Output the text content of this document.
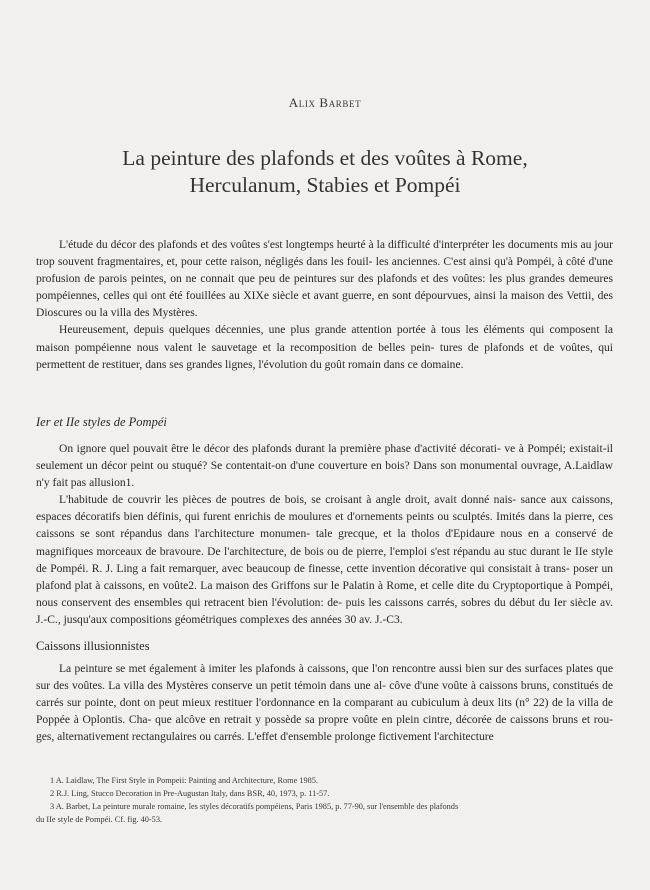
Alix Barbet
La peinture des plafonds et des voûtes à Rome,
Herculanum, Stabies et Pompéi

L'étude du décor des plafonds et des voûtes s'est longtemps heurté à la difficulté d'interpréter les documents mis au jour trop souvent fragmentaires, et, pour cette raison, négligés dans les fouil- les anciennes. C'est ainsi qu'à Pompéi, à côté d'une profusion de parois peintes, on ne connait que peu de peintures sur des plafonds et des voûtes: les plus grandes demeures pompéiennes, celles qui ont été fouillées au XIXe siècle et avant guerre, en sont dépourvues, ainsi la maison des Vettii, des Dioscures ou la villa des Mystères.

Heureusement, depuis quelques décennies, une plus grande attention portée à tous les éléments qui composent la maison pompéienne nous valent le sauvetage et la recomposition de belles pein- tures de plafonds et de voûtes, qui permettent de restituer, dans ses grandes lignes, l'évolution du goût romain dans ce domaine.

Ier et IIe styles de Pompéi

On ignore quel pouvait être le décor des plafonds durant la première phase d'activité décorati- ve à Pompéi; existait-il seulement un décor peint ou stuqué? Se contentait-on d'une couverture en bois? Dans son monumental ouvrage, A.Laidlaw n'y fait pas allusion1.

L'habitude de couvrir les pièces de poutres de bois, se croisant à angle droit, avait donné nais- sance aux caissons, espaces décoratifs bien définis, qui furent enrichis de moulures et d'ornements peints ou sculptés. Imités dans la pierre, ces caissons se sont répandus dans l'architecture monumen- tale grecque, et la tholos d'Epidaure nous en a conservé de magnifiques morceaux de bravoure. De l'architecture, de bois ou de pierre, l'emploi s'est répandu au stuc durant le IIe style de Pompéi. R. J. Ling a fait remarquer, avec beaucoup de finesse, cette invention décorative qui consistait à trans- poser un plafond plat à caissons, en voûte2. La maison des Griffons sur le Palatin à Rome, et celle dite du Cryptoportique à Pompéi, nous conservent des ensembles qui retracent bien l'évolution: de- puis les caissons carrés, sobres du début du Ier siècle av. J.-C., jusqu'aux compositions géométriques complexes des années 30 av. J.-C3.

Caissons illusionnistes

La peinture se met également à imiter les plafonds à caissons, que l'on rencontre aussi bien sur des surfaces plates que sur des voûtes. La villa des Mystères conserve un petit témoin dans une al- côve d'une voûte à caissons bruns, constitués de carrés sur pointe, dont on peut mieux restituer l'ordonnance en la comparant au cubiculum à deux lits (n° 22) de la villa de Poppée à Oplontis. Cha- que alcôve en retrait y possède sa propre voûte en plein cintre, décorée de caissons bruns et rou- ges, alternativement rectangulaires ou carrés. L'effet d'ensemble prolonge fictivement l'architecture

1 A. Laidlaw, The First Style in Pompeii: Painting and Architecture, Rome 1985.
2 R.J. Ling, Stucco Decoration in Pre-Augustan Italy, dans BSR, 40, 1973, p. 11-57.
3 A. Barbet, La peinture murale romaine, les styles décoratifs pompéiens, Paris 1985, p. 77-90, sur l'ensemble des plafonds
du IIe style de Pompéi. Cf. fig. 40-53.
